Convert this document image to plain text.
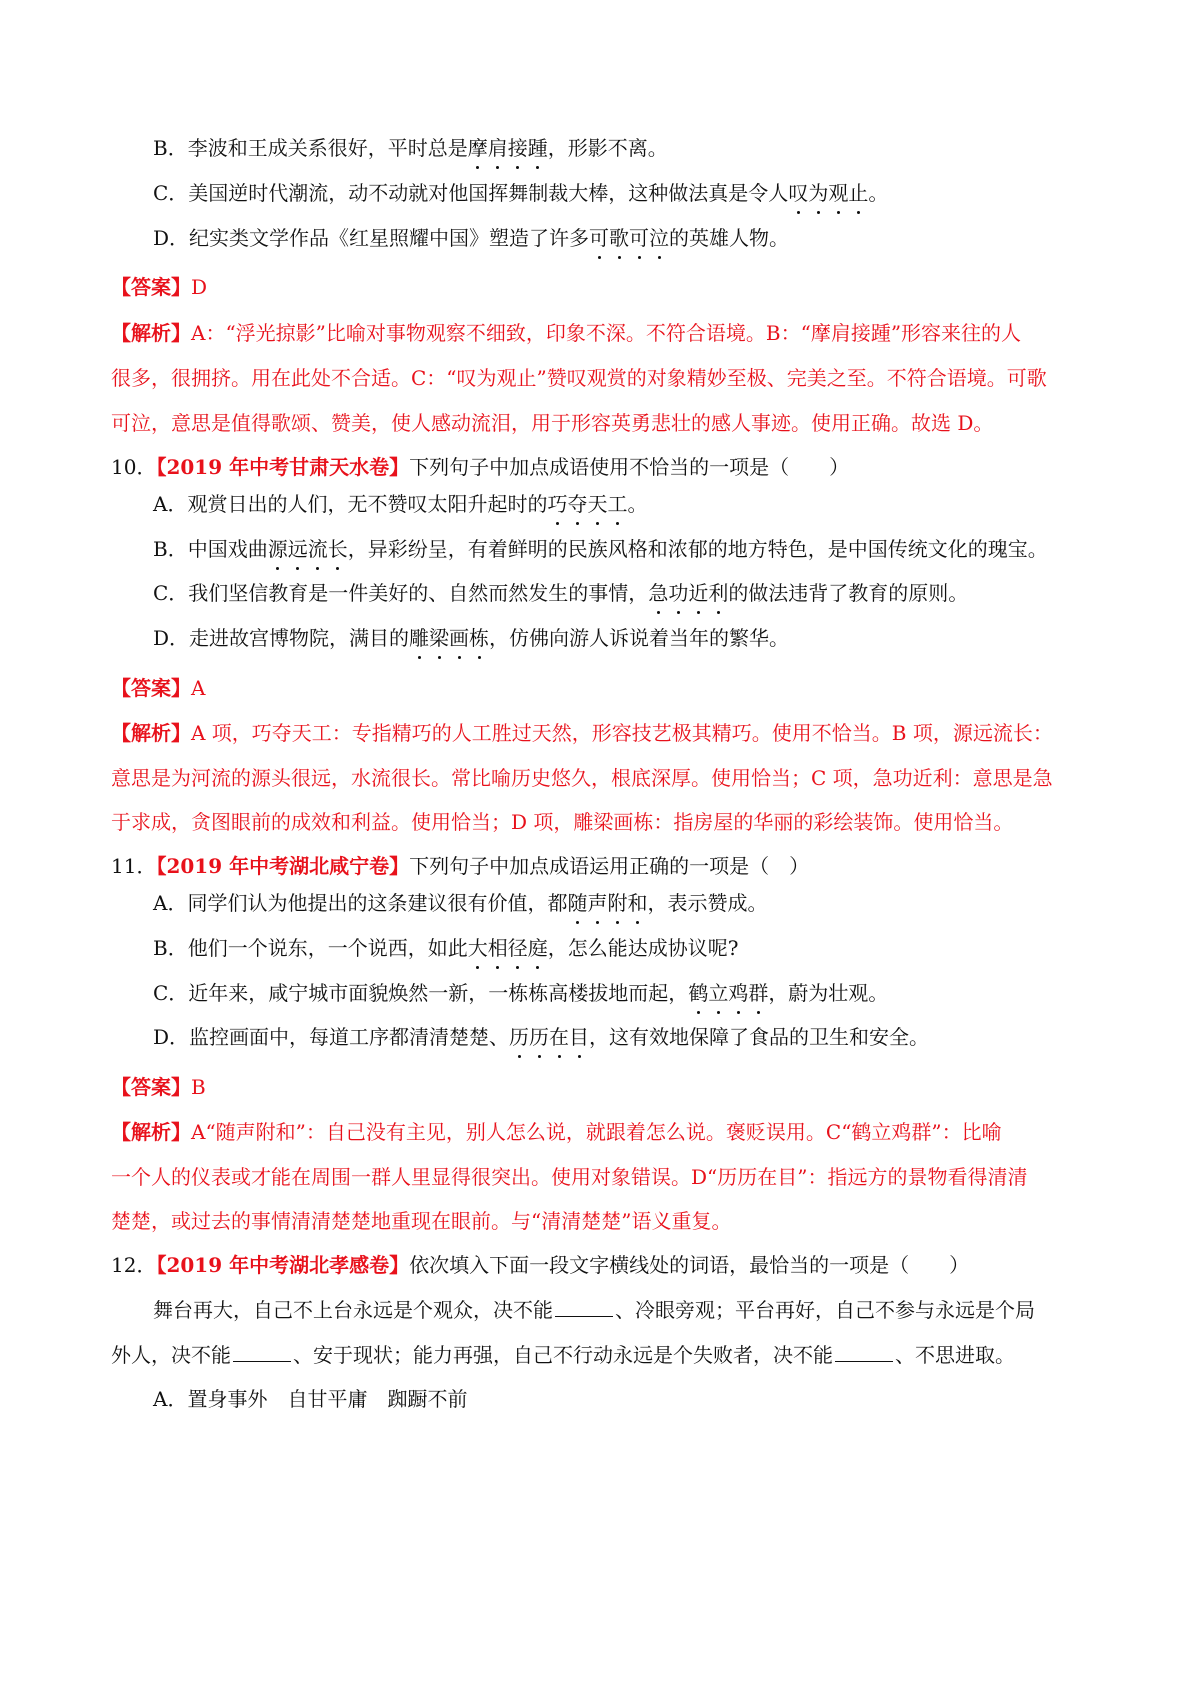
B．李波和王成关系很好，平时总是摩肩接踵，形影不离。
C．美国逆时代潮流，动不动就对他国挥舞制裁大棒，这种做法真是令人叹为观止。
D．纪实类文学作品《红星照耀中国》塑造了许多可歌可泣的英雄人物。
【答案】D
【解析】A：“浮光掠影”比喻对事物观察不细致，印象不深。不符合语境。B：“摩肩接踵”形容来往的人
很多，很拥挤。用在此处不合适。C：“叹为观止”赞叹观赏的对象精妙至极、完美之至。不符合语境。可歌
可泣，意思是值得歌颂、赞美，使人感动流泪，用于形容英勇悲壮的感人事迹。使用正确。故选 D。
10．【2019 年中考甘肃天水卷】下列句子中加点成语使用不恰当的一项是（　　）
A．观赏日出的人们，无不赞叹太阳升起时的巧夺天工。
B．中国戏曲源远流长，异彩纷呈，有着鲜明的民族风格和浓郁的地方特色，是中国传统文化的瑰宝。
C．我们坚信教育是一件美好的、自然而然发生的事情，急功近利的做法违背了教育的原则。
D．走进故宫博物院，满目的雕梁画栋，仿佛向游人诉说着当年的繁华。
【答案】A
【解析】A 项，巧夺天工：专指精巧的人工胜过天然，形容技艺极其精巧。使用不恰当。B 项，源远流长：
意思是为河流的源头很远，水流很长。常比喻历史悠久，根底深厚。使用恰当；C 项，急功近利：意思是急
于求成，贪图眼前的成效和利益。使用恰当；D 项，雕梁画栋：指房屋的华丽的彩绘装饰。使用恰当。
11．【2019 年中考湖北咸宁卷】下列句子中加点成语运用正确的一项是（　）
A．同学们认为他提出的这条建议很有价值，都随声附和，表示赞成。
B．他们一个说东，一个说西，如此大相径庭，怎么能达成协议呢?
C．近年来，咸宁城市面貌焕然一新，一栋栋高楼拔地而起，鹤立鸡群，蔚为壮观。
D．监控画面中，每道工序都清清楚楚、历历在目，这有效地保障了食品的卫生和安全。
【答案】B
【解析】A“随声附和”：自己没有主见，别人怎么说，就跟着怎么说。褒贬误用。C“鹤立鸡群”：比喻
一个人的仪表或才能在周围一群人里显得很突出。使用对象错误。D“历历在目”：指远方的景物看得清清
楚楚，或过去的事情清清楚楚地重现在眼前。与“清清楚楚”语义重复。
12．【2019 年中考湖北孝感卷】依次填入下面一段文字横线处的词语，最恰当的一项是（　　）
舞台再大，自己不上台永远是个观众，决不能	、冷眼旁观；平台再好，自己不参与永远是个局
外人，决不能	、安于现状；能力再强，自己不行动永远是个失败者，决不能	、不思进取。
A．置身事外　自甘平庸　踟蹰不前
